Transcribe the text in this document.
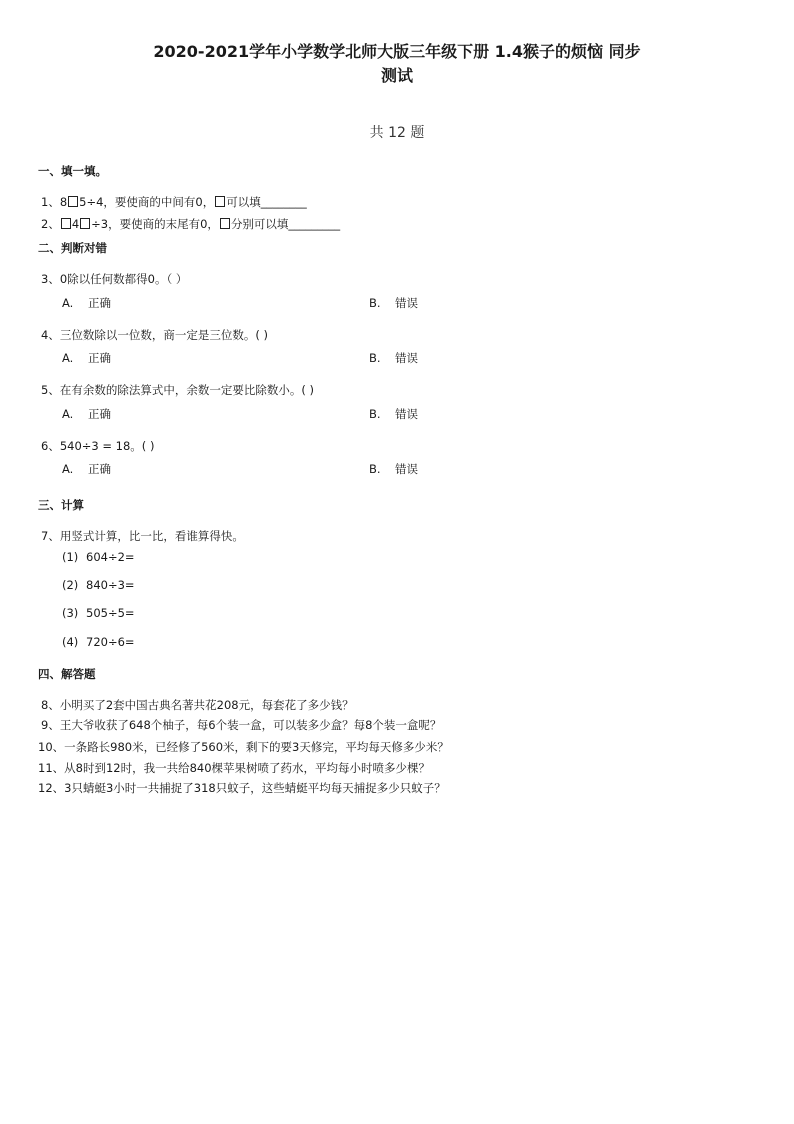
2020-2021学年小学数学北师大版三年级下册 1.4猴子的烦恼 同步
测试
共 12 题
一、填一填。
1、8 5÷4，要使商的中间有0， 可以填________
2、 4 ÷3，要使商的末尾有0， 分别可以填_________
二、判断对错
3、0除以任何数都得0。（ ）
A. 正确	B. 错误
4、三位数除以一位数，商一定是三位数。( )
A. 正确	B. 错误
5、在有余数的除法算式中，余数一定要比除数小。( )
A. 正确	B. 错误
6、540÷3 = 18。( )
A. 正确	B. 错误
三、计算
7、用竖式计算，比一比，看谁算得快。
(1) 604÷2=
(2) 840÷3=
(3) 505÷5=
(4) 720÷6=
四、解答题
8、小明买了2套中国古典名著共花208元，每套花了多少钱？
9、王大爷收获了648个柚子，每6个装一盒，可以装多少盒？每8个装一盒呢？
10、一条路长980米，已经修了560米，剩下的要3天修完，平均每天修多少米？
11、从8时到12时，我一共给840棵苹果树喷了药水，平均每小时喷多少棵？
12、3只蜻蜓3小时一共捕捉了318只蚊子，这些蜻蜓平均每天捕捉多少只蚊子？
